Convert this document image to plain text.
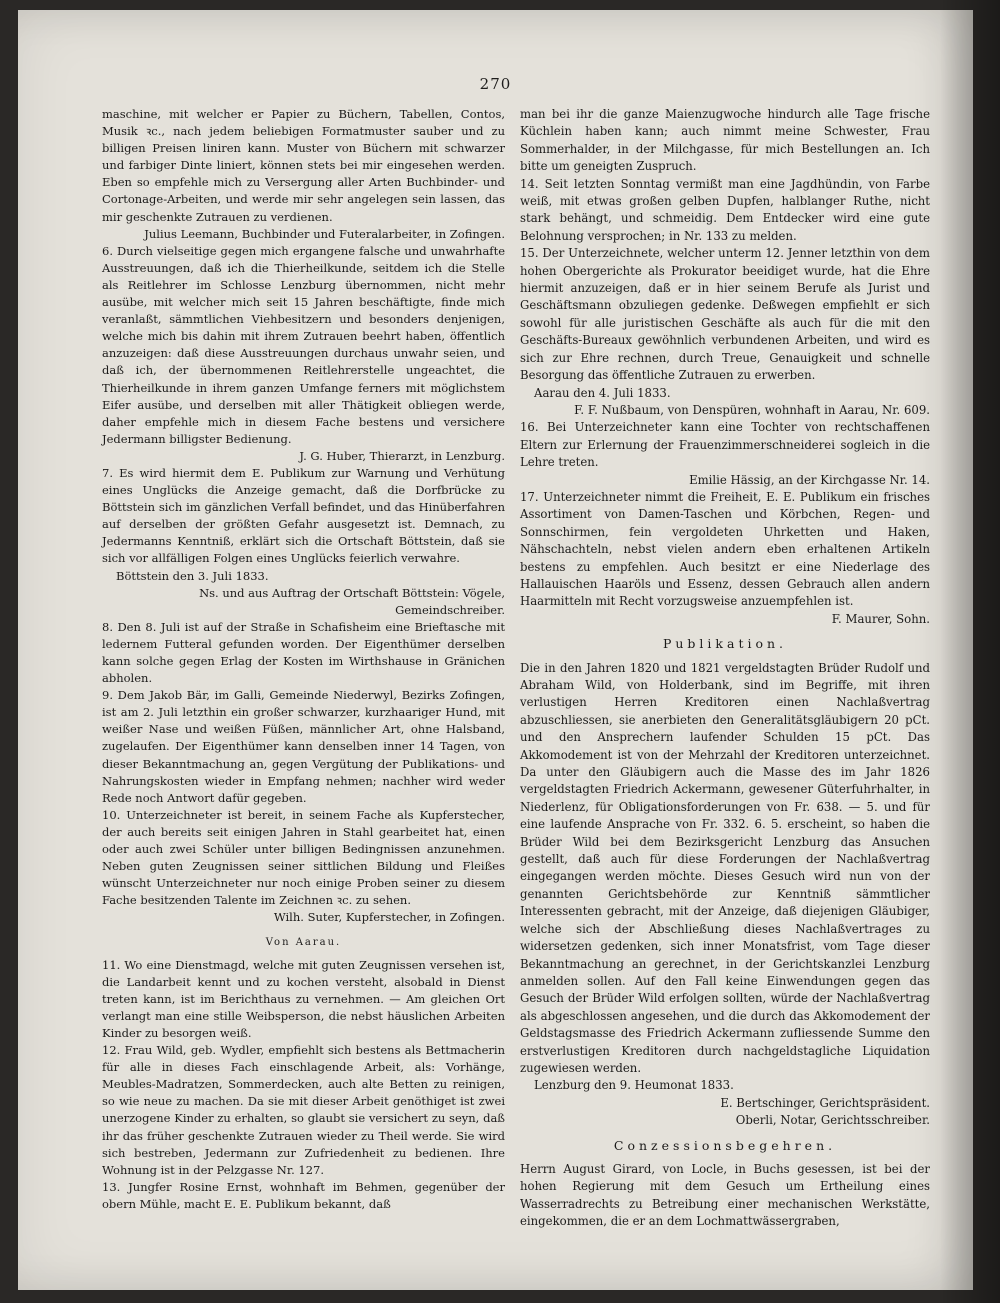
270

maschine, mit welcher er Papier zu Büchern, Tabellen, Contos, Musik ꝛc., nach jedem beliebigen Formatmuster sauber und zu billigen Preisen liniren kann. Muster von Büchern mit schwarzer und farbiger Dinte liniert, können stets bei mir eingesehen werden. Eben so empfehle mich zu Versergung aller Arten Buchbinder- und Cortonage-Arbeiten, und werde mir sehr angelegen sein lassen, das mir geschenkte Zutrauen zu verdienen.

Julius Leemann, Buchbinder und Futeralarbeiter, in Zofingen.

6. Durch vielseitige gegen mich ergangene falsche und unwahrhafte Ausstreuungen, daß ich die Thierheilkunde, seitdem ich die Stelle als Reitlehrer im Schlosse Lenzburg übernommen, nicht mehr ausübe, mit welcher mich seit 15 Jahren beschäftigte, finde mich veranlaßt, sämmtlichen Viehbesitzern und besonders denjenigen, welche mich bis dahin mit ihrem Zutrauen beehrt haben, öffentlich anzuzeigen: daß diese Ausstreuungen durchaus unwahr seien, und daß ich, der übernommenen Reitlehrerstelle ungeachtet, die Thierheilkunde in ihrem ganzen Umfange ferners mit möglichstem Eifer ausübe, und derselben mit aller Thätigkeit obliegen werde, daher empfehle mich in diesem Fache bestens und versichere Jedermann billigster Bedienung.

J. G. Huber, Thierarzt, in Lenzburg.

7. Es wird hiermit dem E. Publikum zur Warnung und Verhütung eines Unglücks die Anzeige gemacht, daß die Dorfbrücke zu Böttstein sich im gänzlichen Verfall befindet, und das Hinüberfahren auf derselben der größten Gefahr ausgesetzt ist. Demnach, zu Jedermanns Kenntniß, erklärt sich die Ortschaft Böttstein, daß sie sich vor allfälligen Folgen eines Unglücks feierlich verwahre.

Böttstein den 3. Juli 1833.

Ns. und aus Auftrag der Ortschaft Böttstein: Vögele, Gemeindschreiber.

8. Den 8. Juli ist auf der Straße in Schafisheim eine Brieftasche mit ledernem Futteral gefunden worden. Der Eigenthümer derselben kann solche gegen Erlag der Kosten im Wirthshause in Gränichen abholen.

9. Dem Jakob Bär, im Galli, Gemeinde Niederwyl, Bezirks Zofingen, ist am 2. Juli letzthin ein großer schwarzer, kurzhaariger Hund, mit weißer Nase und weißen Füßen, männlicher Art, ohne Halsband, zugelaufen. Der Eigenthümer kann denselben inner 14 Tagen, von dieser Bekanntmachung an, gegen Vergütung der Publikations- und Nahrungskosten wieder in Empfang nehmen; nachher wird weder Rede noch Antwort dafür gegeben.

10. Unterzeichneter ist bereit, in seinem Fache als Kupferstecher, der auch bereits seit einigen Jahren in Stahl gearbeitet hat, einen oder auch zwei Schüler unter billigen Bedingnissen anzunehmen. Neben guten Zeugnissen seiner sittlichen Bildung und Fleißes wünscht Unterzeichneter nur noch einige Proben seiner zu diesem Fache besitzenden Talente im Zeichnen ꝛc. zu sehen.

Wilh. Suter, Kupferstecher, in Zofingen.

Von Aarau.

11. Wo eine Dienstmagd, welche mit guten Zeugnissen versehen ist, die Landarbeit kennt und zu kochen versteht, alsobald in Dienst treten kann, ist im Berichthaus zu vernehmen. — Am gleichen Ort verlangt man eine stille Weibsperson, die nebst häuslichen Arbeiten Kinder zu besorgen weiß.

12. Frau Wild, geb. Wydler, empfiehlt sich bestens als Bettmacherin für alle in dieses Fach einschlagende Arbeit, als: Vorhänge, Meubles-Madratzen, Sommerdecken, auch alte Betten zu reinigen, so wie neue zu machen. Da sie mit dieser Arbeit genöthiget ist zwei unerzogene Kinder zu erhalten, so glaubt sie versichert zu seyn, daß ihr das früher geschenkte Zutrauen wieder zu Theil werde. Sie wird sich bestreben, Jedermann zur Zufriedenheit zu bedienen. Ihre Wohnung ist in der Pelzgasse Nr. 127.

13. Jungfer Rosine Ernst, wohnhaft im Behmen, gegenüber der obern Mühle, macht E. E. Publikum bekannt, daß

man bei ihr die ganze Maienzugwoche hindurch alle Tage frische Küchlein haben kann; auch nimmt meine Schwester, Frau Sommerhalder, in der Milchgasse, für mich Bestellungen an. Ich bitte um geneigten Zuspruch.

14. Seit letzten Sonntag vermißt man eine Jagdhündin, von Farbe weiß, mit etwas großen gelben Dupfen, halblanger Ruthe, nicht stark behängt, und schmeidig. Dem Entdecker wird eine gute Belohnung versprochen; in Nr. 133 zu melden.

15. Der Unterzeichnete, welcher unterm 12. Jenner letzthin von dem hohen Obergerichte als Prokurator beeidiget wurde, hat die Ehre hiermit anzuzeigen, daß er in hier seinem Berufe als Jurist und Geschäftsmann obzuliegen gedenke. Deßwegen empfiehlt er sich sowohl für alle juristischen Geschäfte als auch für die mit den Geschäfts-Bureaux gewöhnlich verbundenen Arbeiten, und wird es sich zur Ehre rechnen, durch Treue, Genauigkeit und schnelle Besorgung das öffentliche Zutrauen zu erwerben.

Aarau den 4. Juli 1833.

F. F. Nußbaum, von Denspüren, wohnhaft in Aarau, Nr. 609.

16. Bei Unterzeichneter kann eine Tochter von rechtschaffenen Eltern zur Erlernung der Frauenzimmerschneiderei sogleich in die Lehre treten.

Emilie Hässig, an der Kirchgasse Nr. 14.

17. Unterzeichneter nimmt die Freiheit, E. E. Publikum ein frisches Assortiment von Damen-Taschen und Körbchen, Regen- und Sonnschirmen, fein vergoldeten Uhrketten und Haken, Nähschachteln, nebst vielen andern eben erhaltenen Artikeln bestens zu empfehlen. Auch besitzt er eine Niederlage des Hallauischen Haaröls und Essenz, dessen Gebrauch allen andern Haarmitteln mit Recht vorzugsweise anzuempfehlen ist.

F. Maurer, Sohn.

Publikation.

Die in den Jahren 1820 und 1821 vergeldstagten Brüder Rudolf und Abraham Wild, von Holderbank, sind im Begriffe, mit ihren verlustigen Herren Kreditoren einen Nachlaßvertrag abzuschliessen, sie anerbieten den Generalitätsgläubigern 20 pCt. und den Ansprechern laufender Schulden 15 pCt. Das Akkomodement ist von der Mehrzahl der Kreditoren unterzeichnet. Da unter den Gläubigern auch die Masse des im Jahr 1826 vergeldstagten Friedrich Ackermann, gewesener Güterfuhrhalter, in Niederlenz, für Obligationsforderungen von Fr. 638. — 5. und für eine laufende Ansprache von Fr. 332. 6. 5. erscheint, so haben die Brüder Wild bei dem Bezirksgericht Lenzburg das Ansuchen gestellt, daß auch für diese Forderungen der Nachlaßvertrag eingegangen werden möchte. Dieses Gesuch wird nun von der genannten Gerichtsbehörde zur Kenntniß sämmtlicher Interessenten gebracht, mit der Anzeige, daß diejenigen Gläubiger, welche sich der Abschließung dieses Nachlaßvertrages zu widersetzen gedenken, sich inner Monatsfrist, vom Tage dieser Bekanntmachung an gerechnet, in der Gerichtskanzlei Lenzburg anmelden sollen. Auf den Fall keine Einwendungen gegen das Gesuch der Brüder Wild erfolgen sollten, würde der Nachlaßvertrag als abgeschlossen angesehen, und die durch das Akkomodement der Geldstagsmasse des Friedrich Ackermann zufliessende Summe den erstverlustigen Kreditoren durch nachgeldstagliche Liquidation zugewiesen werden.

Lenzburg den 9. Heumonat 1833.

E. Bertschinger, Gerichtspräsident.

Oberli, Notar, Gerichtsschreiber.

Conzessionsbegehren.

Herrn August Girard, von Locle, in Buchs gesessen, ist bei der hohen Regierung mit dem Gesuch um Ertheilung eines Wasserradrechts zu Betreibung einer mechanischen Werkstätte, eingekommen, die er an dem Lochmattwässergraben,
